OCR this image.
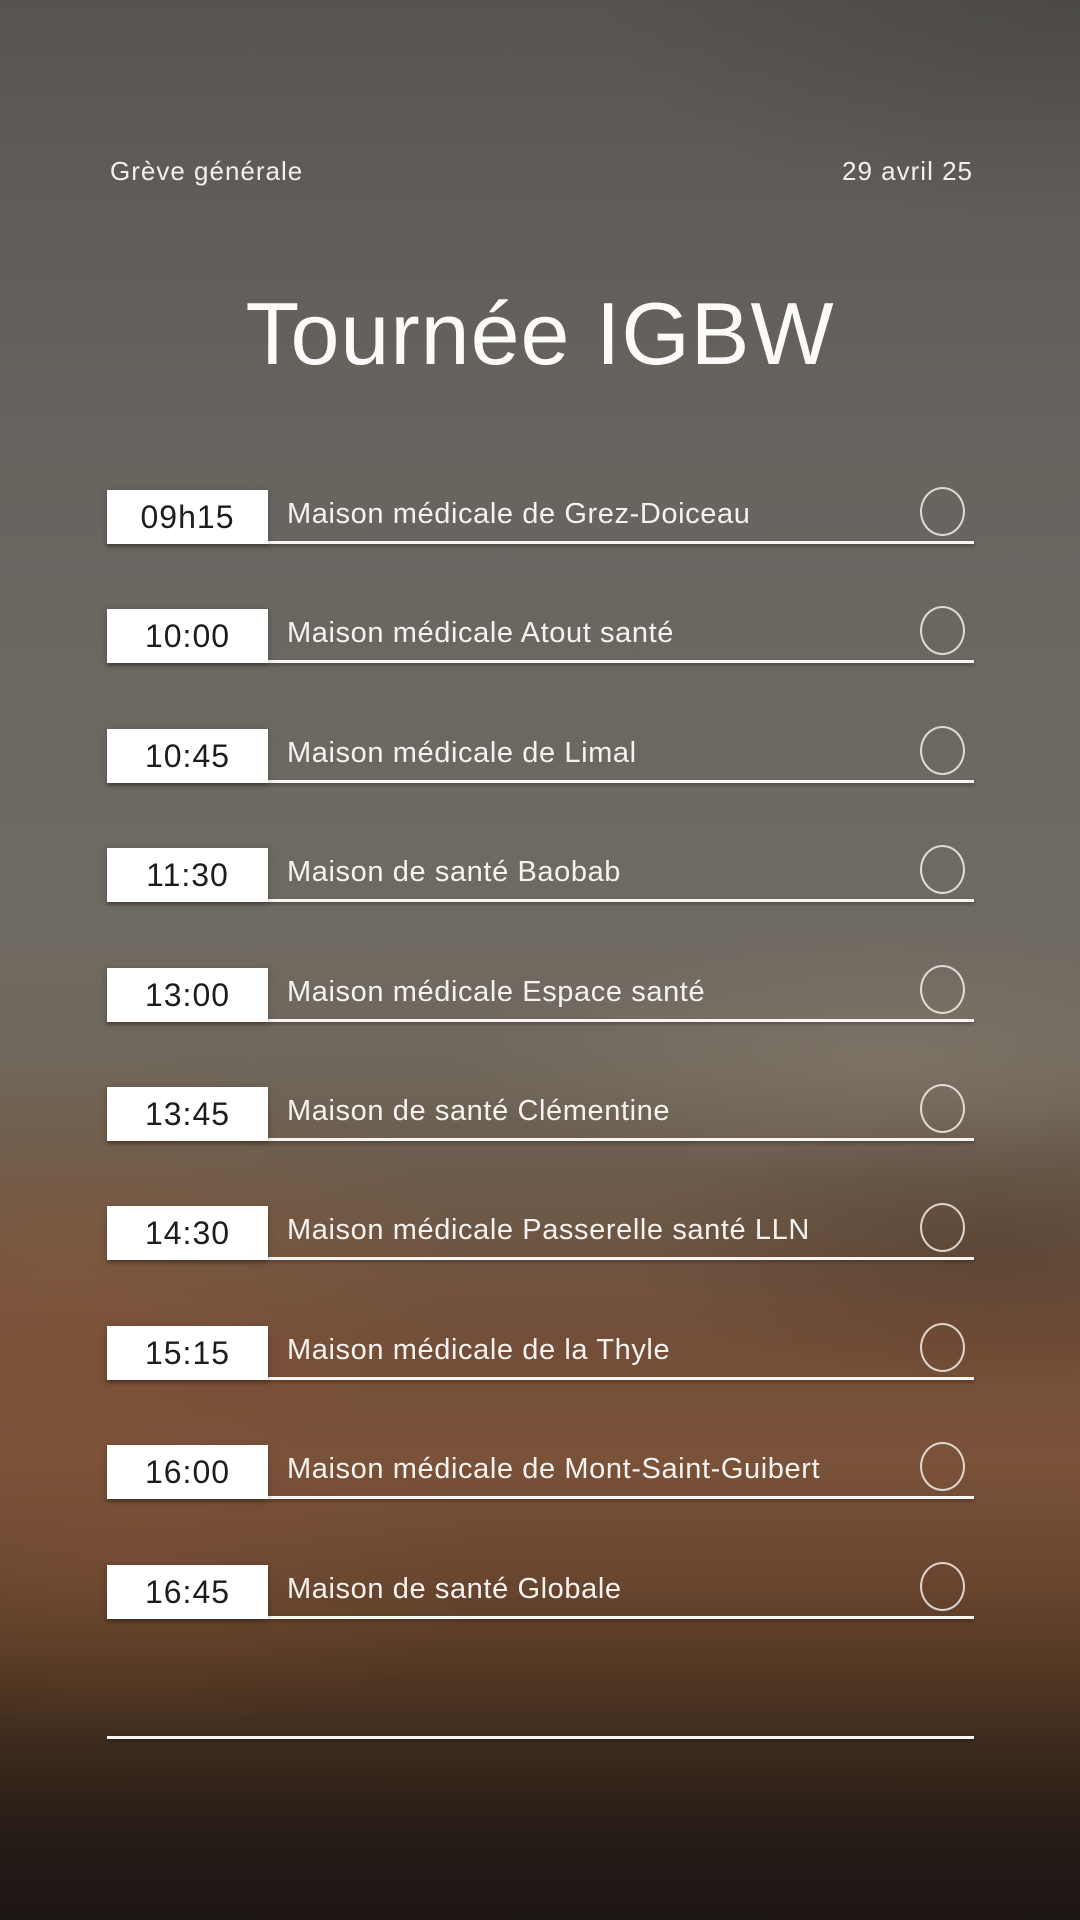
Grève générale	29 avril 25
Tournée IGBW
09h15 Maison médicale de Grez-Doiceau
10:00 Maison médicale Atout santé
10:45 Maison médicale de Limal
11:30 Maison de santé Baobab
13:00 Maison médicale Espace santé
13:45 Maison de santé Clémentine
14:30 Maison médicale Passerelle santé LLN
15:15 Maison médicale de la Thyle
16:00 Maison médicale de Mont-Saint-Guibert
16:45 Maison de santé Globale
